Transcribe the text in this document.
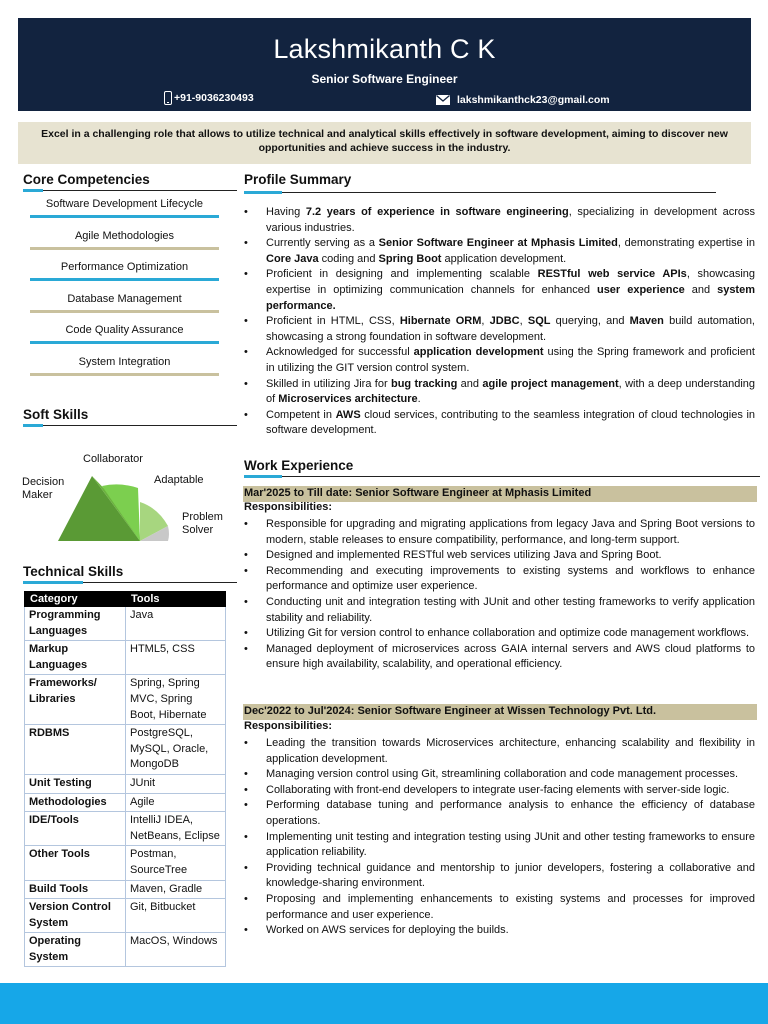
Lakshmikanth C K
Senior Software Engineer
+91-9036230493	lakshmikanthck23@gmail.com
Excel in a challenging role that allows to utilize technical and analytical skills effectively in software development, aiming to discover new opportunities and achieve success in the industry.
Core Competencies
Software Development Lifecycle
Agile Methodologies
Performance Optimization
Database Management
Code Quality Assurance
System Integration
Soft Skills
Collaborator
Decision
Maker
Adaptable
Problem
Solver
Technical Skills
Category	Tools
Programming Languages	Java
Markup Languages	HTML5, CSS
Frameworks/ Libraries	Spring, Spring MVC, Spring Boot, Hibernate
RDBMS	PostgreSQL, MySQL, Oracle, MongoDB
Unit Testing	JUnit
Methodologies	Agile
IDE/Tools	IntelliJ IDEA, NetBeans, Eclipse
Other Tools	Postman, SourceTree
Build Tools	Maven, Gradle
Version Control System	Git, Bitbucket
Operating System	MacOS, Windows
Profile Summary
• Having 7.2 years of experience in software engineering, specializing in development across various industries.
• Currently serving as a Senior Software Engineer at Mphasis Limited, demonstrating expertise in Core Java coding and Spring Boot application development.
• Proficient in designing and implementing scalable RESTful web service APIs, showcasing expertise in optimizing communication channels for enhanced user experience and system performance.
• Proficient in HTML, CSS, Hibernate ORM, JDBC, SQL querying, and Maven build automation, showcasing a strong foundation in software development.
• Acknowledged for successful application development using the Spring framework and proficient in utilizing the GIT version control system.
• Skilled in utilizing Jira for bug tracking and agile project management, with a deep understanding of Microservices architecture.
• Competent in AWS cloud services, contributing to the seamless integration of cloud technologies in software development.
Work Experience
Mar'2025 to Till date: Senior Software Engineer at Mphasis Limited
Responsibilities:
• Responsible for upgrading and migrating applications from legacy Java and Spring Boot versions to modern, stable releases to ensure compatibility, performance, and long-term support.
• Designed and implemented RESTful web services utilizing Java and Spring Boot.
• Recommending and executing improvements to existing systems and workflows to enhance performance and optimize user experience.
• Conducting unit and integration testing with JUnit and other testing frameworks to verify application stability and reliability.
• Utilizing Git for version control to enhance collaboration and optimize code management workflows.
• Managed deployment of microservices across GAIA internal servers and AWS cloud platforms to ensure high availability, scalability, and operational efficiency.
Dec'2022 to Jul'2024: Senior Software Engineer at Wissen Technology Pvt. Ltd.
Responsibilities:
• Leading the transition towards Microservices architecture, enhancing scalability and flexibility in application development.
• Managing version control using Git, streamlining collaboration and code management processes.
• Collaborating with front-end developers to integrate user-facing elements with server-side logic.
• Performing database tuning and performance analysis to enhance the efficiency of database operations.
• Implementing unit testing and integration testing using JUnit and other testing frameworks to ensure application reliability.
• Providing technical guidance and mentorship to junior developers, fostering a collaborative and knowledge-sharing environment.
• Proposing and implementing enhancements to existing systems and processes for improved performance and user experience.
• Worked on AWS services for deploying the builds.
